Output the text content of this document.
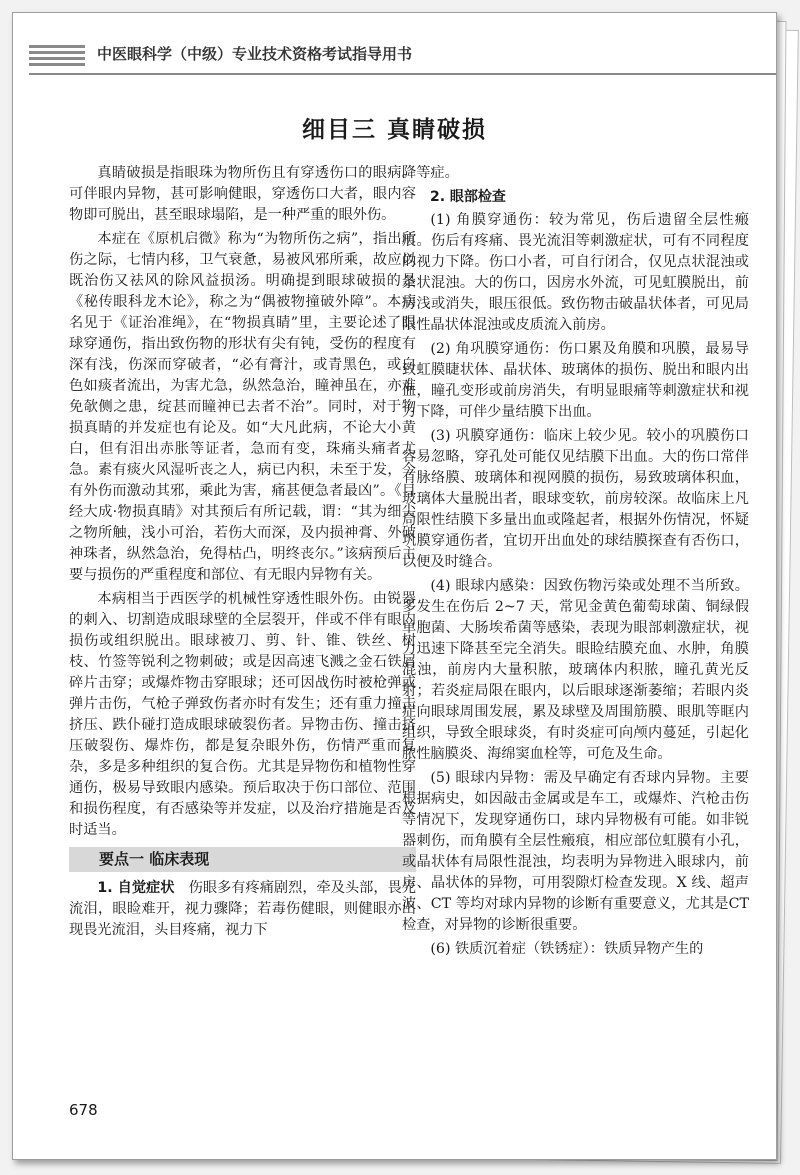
中医眼科学（中级）专业技术资格考试指导用书
细目三 真睛破损

真睛破损是指眼珠为物所伤且有穿透伤口的眼病。可伴眼内异物，甚可影响健眼，穿透伤口大者，眼内容物即可脱出，甚至眼球塌陷，是一种严重的眼外伤。

本症在《原机启微》称为“为物所伤之病”，指出所伤之际，七情内移，卫气衰惫，易被风邪所乘，故应以既治伤又祛风的除风益损汤。明确提到眼球破损的是《秘传眼科龙木论》，称之为“偶被物撞破外障”。本病名见于《证治准绳》，在“物损真睛”里，主要论述了眼球穿通伤，指出致伤物的形状有尖有钝，受伤的程度有深有浅，伤深而穿破者，“必有膏汁，或青黑色，或白色如痰者流出，为害尤急，纵然急治，瞳神虽在，亦难免欹侧之患，绽甚而瞳神已去者不治”。同时，对于物损真睛的并发症也有论及。如“大凡此病，不论大小黄白，但有泪出赤胀等证者，急而有变，珠痛头痛者尤急。素有痰火风湿听丧之人，病已内积，未至于发，今有外伤而激动其邪，乘此为害，痛甚便急者最凶”。《目经大成·物损真睛》对其预后有所记载，谓：“其为细尖之物所触，浅小可治，若伤大而深，及内损神膏、外破神珠者，纵然急治，免得枯凸，明终丧尔。”该病预后主要与损伤的严重程度和部位、有无眼内异物有关。

本病相当于西医学的机械性穿透性眼外伤。由锐器的刺入、切割造成眼球壁的全层裂开，伴或不伴有眼内损伤或组织脱出。眼球被刀、剪、针、锥、铁丝、树枝、竹签等锐利之物刺破；或是因高速飞溅之金石铁屑碎片击穿；或爆炸物击穿眼球；还可因战伤时被枪弹或弹片击伤，气枪子弹致伤者亦时有发生；还有重力撞击挤压、跌仆碰打造成眼球破裂伤者。异物击伤、撞击挤压破裂伤、爆炸伤，都是复杂眼外伤，伤情严重而复杂，多是多种组织的复合伤。尤其是异物伤和植物性穿通伤，极易导致眼内感染。预后取决于伤口部位、范围和损伤程度，有否感染等并发症，以及治疗措施是否及时适当。

要点一 临床表现

1. 自觉症状　 伤眼多有疼痛剧烈，牵及头部，畏光流泪，眼睑难开，视力骤降；若毒伤健眼，则健眼亦出现畏光流泪，头目疼痛，视力下

降等症。

2. 眼部检查

(1) 角膜穿通伤：较为常见，伤后遗留全层性瘢痕。伤后有疼痛、畏光流泪等刺激症状，可有不同程度的视力下降。伤口小者，可自行闭合，仅见点状混浊或条状混浊。大的伤口，因房水外流，可见虹膜脱出，前房浅或消失，眼压很低。致伤物击破晶状体者，可见局限性晶状体混浊或皮质流入前房。

(2) 角巩膜穿通伤：伤口累及角膜和巩膜，最易导致虹膜睫状体、晶状体、玻璃体的损伤、脱出和眼内出血，瞳孔变形或前房消失，有明显眼痛等刺激症状和视力下降，可伴少量结膜下出血。

(3) 巩膜穿通伤：临床上较少见。较小的巩膜伤口容易忽略，穿孔处可能仅见结膜下出血。大的伤口常伴有脉络膜、玻璃体和视网膜的损伤，易致玻璃体积血，玻璃体大量脱出者，眼球变软，前房较深。故临床上凡局限性结膜下多量出血或隆起者，根据外伤情况，怀疑巩膜穿通伤者，宜切开出血处的球结膜探查有否伤口，以便及时缝合。

(4) 眼球内感染：因致伤物污染或处理不当所致。多发生在伤后 2~7 天，常见金黄色葡萄球菌、铜绿假单胞菌、大肠埃希菌等感染，表现为眼部刺激症状，视力迅速下降甚至完全消失。眼睑结膜充血、水肿，角膜混浊，前房内大量积脓，玻璃体内积脓，瞳孔黄光反射；若炎症局限在眼内，以后眼球逐渐萎缩；若眼内炎症向眼球周围发展，累及球壁及周围筋膜、眼肌等眶内组织，导致全眼球炎，有时炎症可向颅内蔓延，引起化脓性脑膜炎、海绵窦血栓等，可危及生命。

(5) 眼球内异物：需及早确定有否球内异物。主要根据病史，如因敲击金属或是车工，或爆炸、汽枪击伤等情况下，发现穿通伤口，球内异物极有可能。如非锐器刺伤，而角膜有全层性瘢痕，相应部位虹膜有小孔，或晶状体有局限性混浊，均表明为异物进入眼球内，前房、晶状体的异物，可用裂隙灯检查发现。X 线、超声波、CT 等均对球内异物的诊断有重要意义，尤其是CT 检查，对异物的诊断很重要。

(6) 铁质沉着症（铁锈症）：铁质异物产生的

678
